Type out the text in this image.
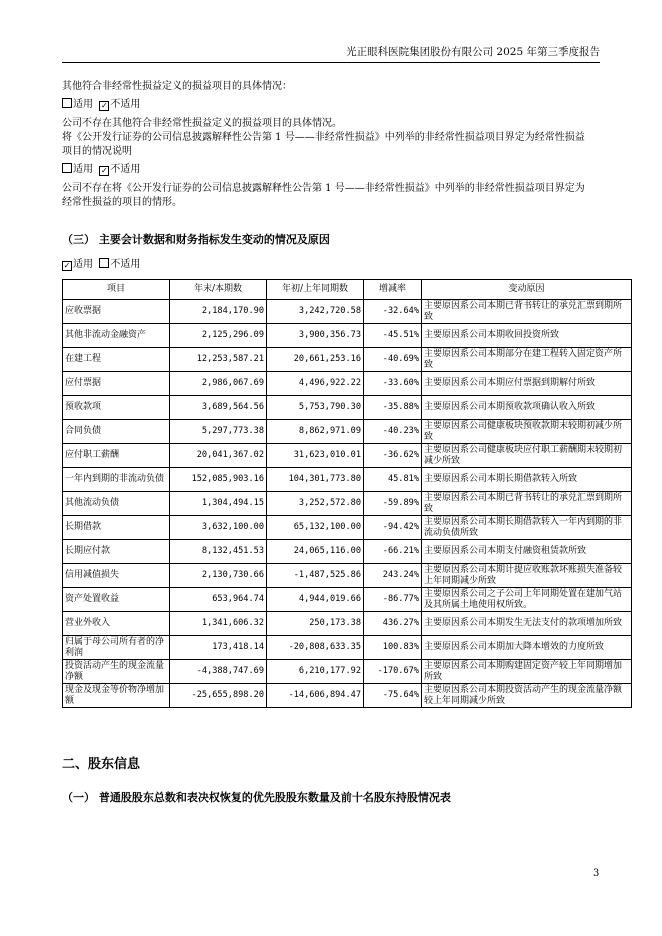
光正眼科医院集团股份有限公司 2025 年第三季度报告
其他符合非经常性损益定义的损益项目的具体情况：
适用 ✓ 不适用
公司不存在其他符合非经常性损益定义的损益项目的具体情况。
将《公开发行证券的公司信息披露解释性公告第 1 号——非经常性损益》中列举的非经常性损益项目界定为经常性损益
项目的情况说明
适用 ✓ 不适用
公司不存在将《公开发行证券的公司信息披露解释性公告第 1 号——非经常性损益》中列举的非经常性损益项目界定为
经常性损益的项目的情形。
（三） 主要会计数据和财务指标发生变动的情况及原因
✓ 适用 不适用
项目	年末/本期数	年初/上年同期数	增减率	变动原因
应收票据	2,184,170.90	3,242,720.58	-32.64%	主要原因系公司本期已背书转让的承兑汇票到期所致
其他非流动金融资产	2,125,296.09	3,900,356.73	-45.51%	主要原因系公司本期收回投资所致
在建工程	12,253,587.21	20,661,253.16	-40.69%	主要原因系公司本期部分在建工程转入固定资产所致
应付票据	2,986,067.69	4,496,922.22	-33.60%	主要原因系公司本期应付票据到期解付所致
预收款项	3,689,564.56	5,753,790.30	-35.88%	主要原因系公司本期预收款项确认收入所致
合同负债	5,297,773.38	8,862,971.09	-40.23%	主要原因系公司健康板块预收款期末较期初减少所致
应付职工薪酬	20,041,367.02	31,623,010.01	-36.62%	主要原因系公司健康板块应付职工薪酬期末较期初减少所致
一年内到期的非流动负债	152,085,903.16	104,301,773.80	45.81%	主要原因系公司本期长期借款转入所致
其他流动负债	1,304,494.15	3,252,572.80	-59.89%	主要原因系公司本期已背书转让的承兑汇票到期所致
长期借款	3,632,100.00	65,132,100.00	-94.42%	主要原因系公司本期长期借款转入一年内到期的非流动负债所致
长期应付款	8,132,451.53	24,065,116.00	-66.21%	主要原因系公司本期支付融资租赁款所致
信用减值损失	2,130,730.66	-1,487,525.86	243.24%	主要原因系公司本期计提应收账款坏账损失准备较上年同期减少所致
资产处置收益	653,964.74	4,944,019.66	-86.77%	主要原因系公司之子公司上年同期处置在建加气站及其所属土地使用权所致。
营业外收入	1,341,606.32	250,173.38	436.27%	主要原因系公司本期发生无法支付的款项增加所致
归属于母公司所有者的净利润	173,418.14	-20,808,633.35	100.83%	主要原因系公司本期加大降本增效的力度所致
投资活动产生的现金流量净额	-4,388,747.69	6,210,177.92	-170.67%	主要原因系公司本期购建固定资产较上年同期增加所致
现金及现金等价物净增加额	-25,655,898.20	-14,606,894.47	-75.64%	主要原因系公司本期投资活动产生的现金流量净额较上年同期减少所致
二、股东信息
（一） 普通股股东总数和表决权恢复的优先股股东数量及前十名股东持股情况表
3
